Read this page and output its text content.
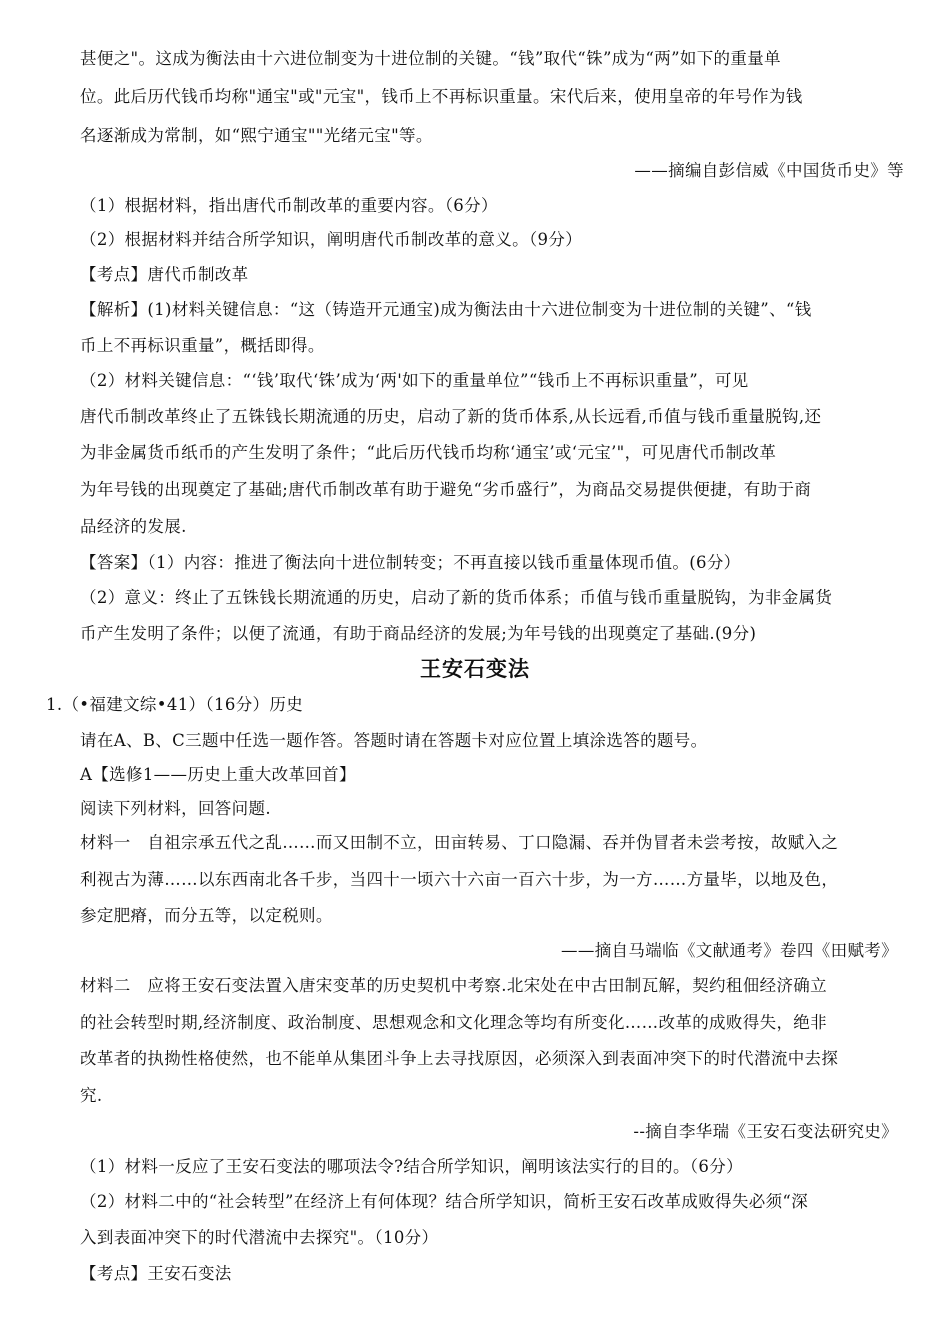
甚便之"。这成为衡法由十六进位制变为十进位制的关键。“钱”取代“铢”成为“两”如下的重量单
位。此后历代钱币均称"通宝"或"元宝"，钱币上不再标识重量。宋代后来，使用皇帝的年号作为钱
名逐渐成为常制，如“熙宁通宝""光绪元宝"等。
——摘编自彭信威《中国货币史》等
（1）根据材料，指出唐代币制改革的重要内容。（6分）
（2）根据材料并结合所学知识，阐明唐代币制改革的意义。（9分）
【考点】唐代币制改革
【解析】(1)材料关键信息：“这（铸造开元通宝)成为衡法由十六进位制变为十进位制的关键”、“钱
币上不再标识重量”，概括即得。
（2）材料关键信息：“‘钱’取代‘铢’成为‘两'如下的重量单位”“钱币上不再标识重量”，可见
唐代币制改革终止了五铢钱长期流通的历史，启动了新的货币体系,从长远看,币值与钱币重量脱钩,还
为非金属货币纸币的产生发明了条件；“此后历代钱币均称‘通宝’或‘元宝’"，可见唐代币制改革
为年号钱的出现奠定了基础;唐代币制改革有助于避免“劣币盛行”，为商品交易提供便捷，有助于商
品经济的发展.
【答案】（1）内容：推进了衡法向十进位制转变；不再直接以钱币重量体现币值。(6分）
（2）意义：终止了五铢钱长期流通的历史，启动了新的货币体系；币值与钱币重量脱钩，为非金属货
币产生发明了条件；以便了流通，有助于商品经济的发展;为年号钱的出现奠定了基础.(9分)
王安石变法
1.（•福建文综•41）（16分）历史
请在A、B、C三题中任选一题作答。答题时请在答题卡对应位置上填涂选答的题号。
A【选修1——历史上重大改革回首】
阅读下列材料，回答问题.
材料一　自祖宗承五代之乱……而又田制不立，田亩转易、丁口隐漏、吞并伪冒者未尝考按，故赋入之
利视古为薄……以东西南北各千步，当四十一顷六十六亩一百六十步，为一方……方量毕，以地及色，
参定肥瘠，而分五等，以定税则。
——摘自马端临《文献通考》卷四《田赋考》
材料二　应将王安石变法置入唐宋变革的历史契机中考察.北宋处在中古田制瓦解，契约租佃经济确立
的社会转型时期,经济制度、政治制度、思想观念和文化理念等均有所变化……改革的成败得失，绝非
改革者的执拗性格使然，也不能单从集团斗争上去寻找原因，必须深入到表面冲突下的时代潜流中去探
究.
--摘自李华瑞《王安石变法研究史》
（1）材料一反应了王安石变法的哪项法令?结合所学知识，阐明该法实行的目的。（6分）
（2）材料二中的“社会转型”在经济上有何体现？结合所学知识，简析王安石改革成败得失必须“深
入到表面冲突下的时代潜流中去探究"。（10分）
【考点】王安石变法
